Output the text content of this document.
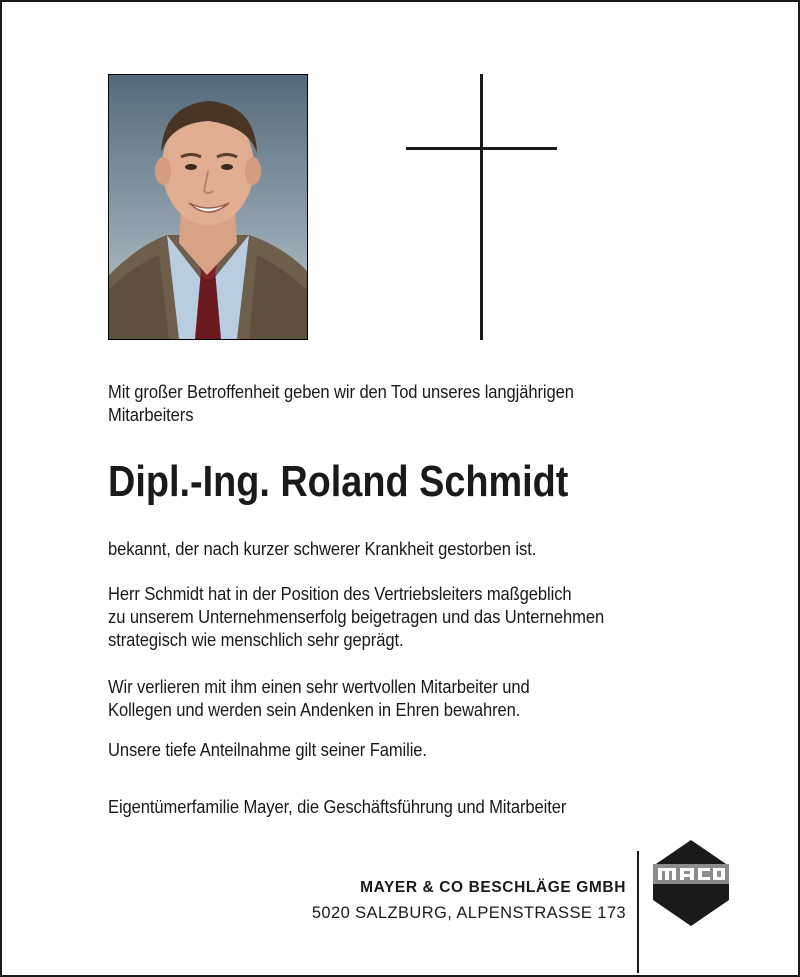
Mit großer Betroffenheit geben wir den Tod unseres langjährigen
Mitarbeiters
Dipl.-Ing. Roland Schmidt
bekannt, der nach kurzer schwerer Krankheit gestorben ist.
Herr Schmidt hat in der Position des Vertriebsleiters maßgeblich
zu unserem Unternehmenserfolg beigetragen und das Unternehmen
strategisch wie menschlich sehr geprägt.
Wir verlieren mit ihm einen sehr wertvollen Mitarbeiter und
Kollegen und werden sein Andenken in Ehren bewahren.
Unsere tiefe Anteilnahme gilt seiner Familie.
Eigentümerfamilie Mayer, die Geschäftsführung und Mitarbeiter
MAYER & CO BESCHLÄGE GMBH
5020 SALZBURG, ALPENSTRASSE 173
